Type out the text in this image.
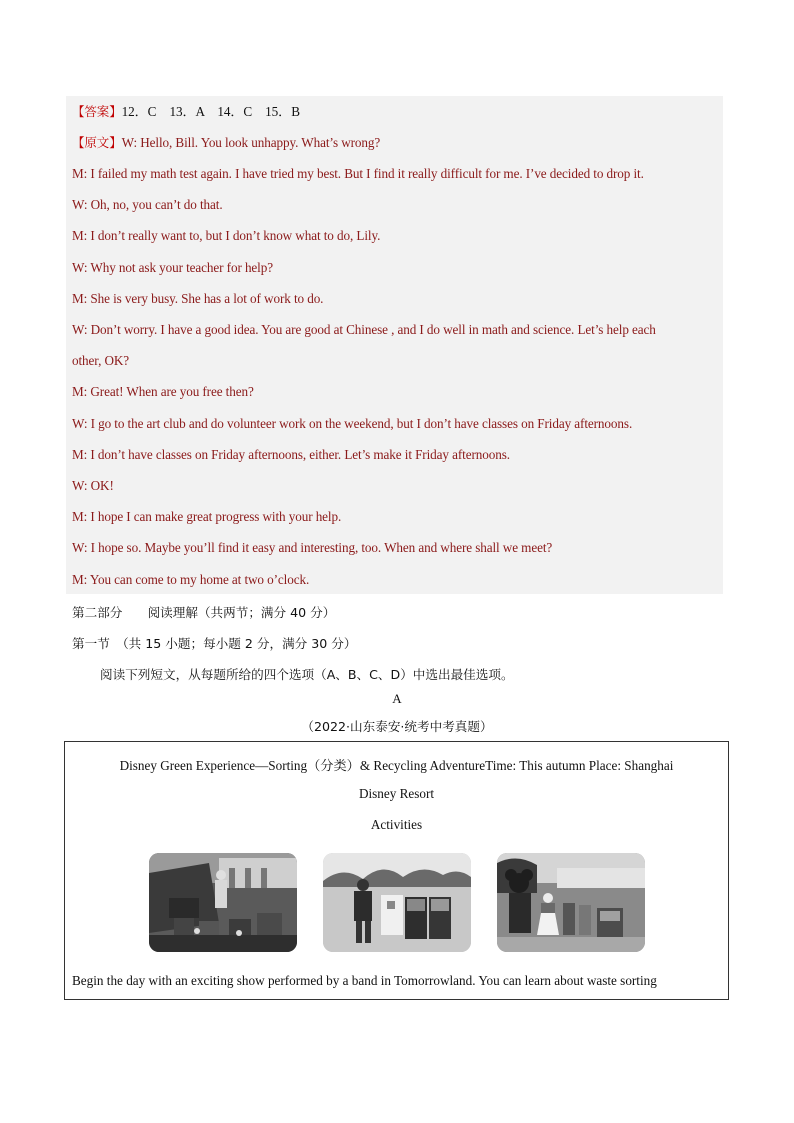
【答案】12．C　13．A　14．C　15．B
【原文】W: Hello, Bill. You look unhappy. What’s wrong?
M: I failed my math test again. I have tried my best. But I find it really difficult for me. I’ve decided to drop it.
W: Oh, no, you can’t do that.
M: I don’t really want to, but I don’t know what to do, Lily.
W: Why not ask your teacher for help?
M: She is very busy. She has a lot of work to do.
W: Don’t worry. I have a good idea. You are good at Chinese , and I do well in math and science. Let’s help each
other, OK?
M: Great! When are you free then?
W: I go to the art club and do volunteer work on the weekend, but I don’t have classes on Friday afternoons.
M: I don’t have classes on Friday afternoons, either. Let’s make it Friday afternoons.
W: OK!
M: I hope I can make great progress with your help.
W: I hope so. Maybe you’ll find it easy and interesting, too. When and where shall we meet?
M: You can come to my home at two o’clock.
第二部分　　阅读理解（共两节；满分 40 分）
第一节　（共 15 小题；每小题 2 分，满分 30 分）
阅读下列短文，从每题所给的四个选项（A、B、C、D）中选出最佳选项。
A
（2022·山东泰安·统考中考真题）
Disney Green Experience—Sorting（分类）& Recycling AdventureTime: This autumn Place: Shanghai
Disney Resort
Activities
Begin the day with an exciting show performed by a band in Tomorrowland. You can learn about waste sorting
